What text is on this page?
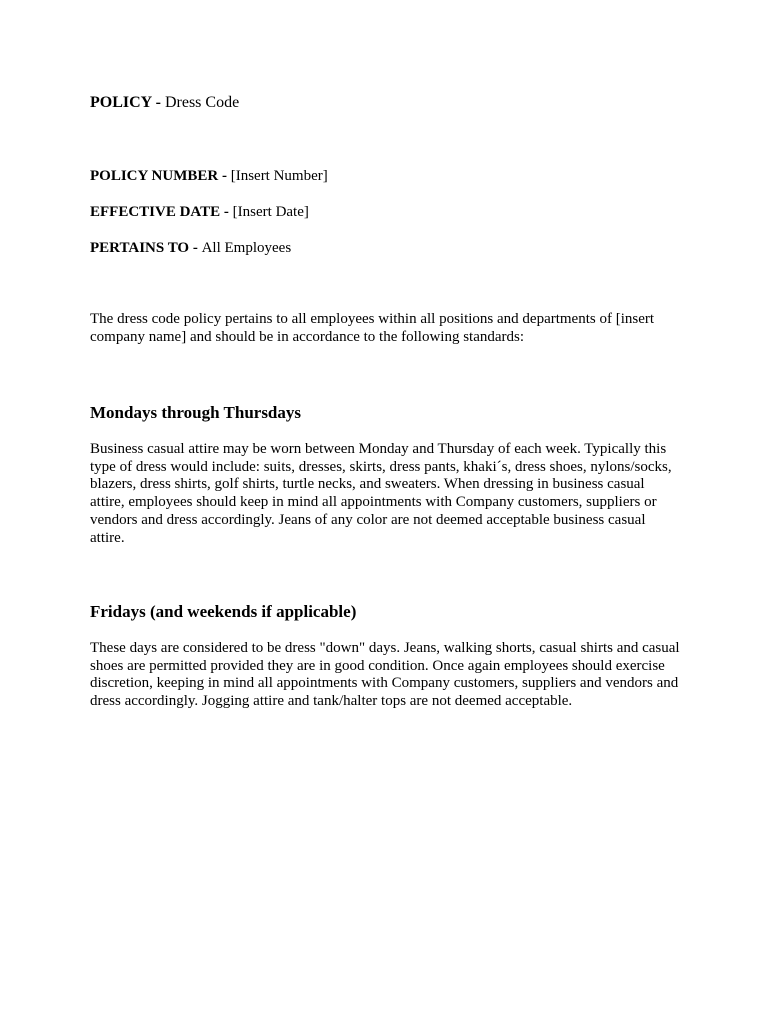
POLICY - Dress Code
POLICY NUMBER - [Insert Number]
EFFECTIVE DATE - [Insert Date]
PERTAINS TO - All Employees

The dress code policy pertains to all employees within all positions and departments of [insert company name] and should be in accordance to the following standards:

Mondays through Thursdays

Business casual attire may be worn between Monday and Thursday of each week. Typically this type of dress would include: suits, dresses, skirts, dress pants, khaki´s, dress shoes, nylons/socks, blazers, dress shirts, golf shirts, turtle necks, and sweaters. When dressing in business casual attire, employees should keep in mind all appointments with Company customers, suppliers or vendors and dress accordingly. Jeans of any color are not deemed acceptable business casual attire.

Fridays (and weekends if applicable)

These days are considered to be dress "down" days. Jeans, walking shorts, casual shirts and casual shoes are permitted provided they are in good condition. Once again employees should exercise discretion, keeping in mind all appointments with Company customers, suppliers and vendors and dress accordingly. Jogging attire and tank/halter tops are not deemed acceptable.
